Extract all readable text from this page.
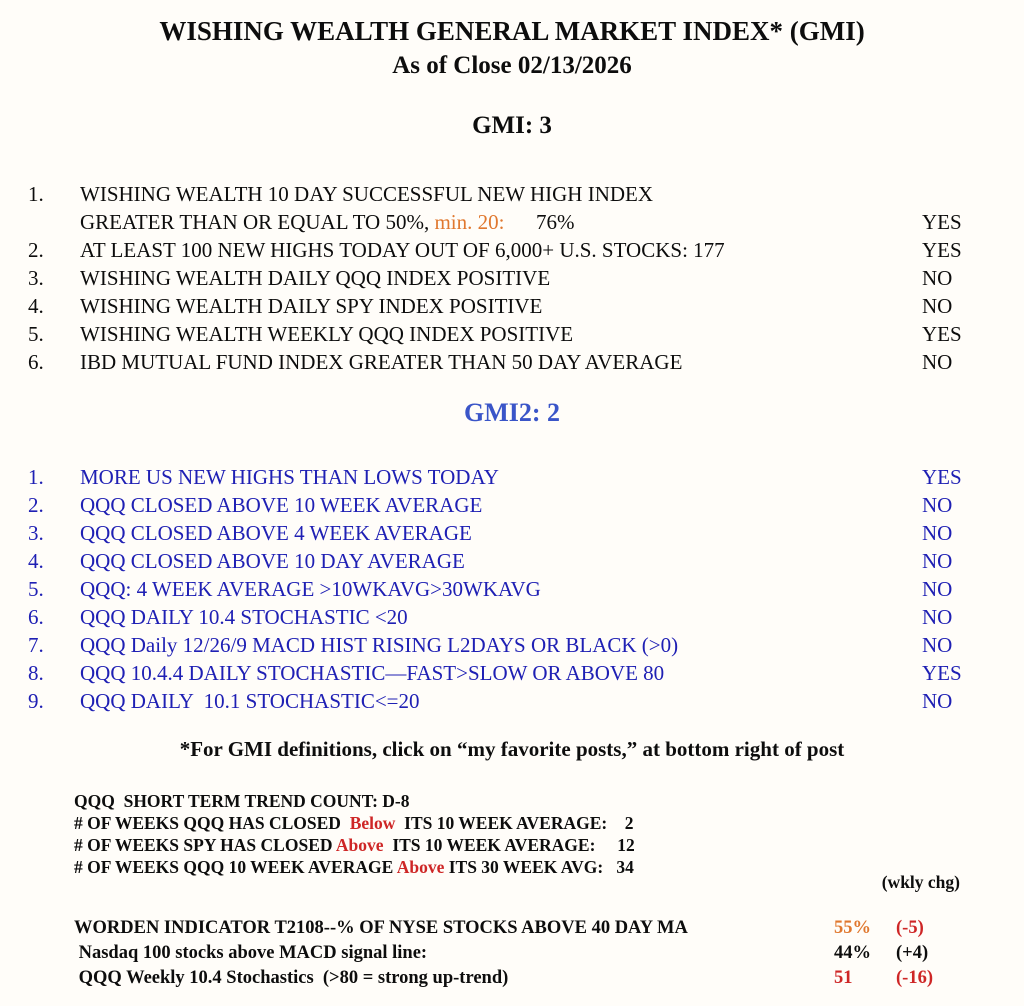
WISHING WEALTH GENERAL MARKET INDEX* (GMI)
As of Close 02/13/2026
GMI: 3
1.	WISHING WEALTH 10 DAY SUCCESSFUL NEW HIGH INDEX
GREATER THAN OR EQUAL TO 50%, min. 20:      76%	YES
2.	AT LEAST 100 NEW HIGHS TODAY OUT OF 6,000+ U.S. STOCKS: 177	YES
3.	WISHING WEALTH DAILY QQQ INDEX POSITIVE	NO
4.	WISHING WEALTH DAILY SPY INDEX POSITIVE	NO
5.	WISHING WEALTH WEEKLY QQQ INDEX POSITIVE	YES
6.	IBD MUTUAL FUND INDEX GREATER THAN 50 DAY AVERAGE	NO
GMI2: 2
1.	MORE US NEW HIGHS THAN LOWS TODAY	YES
2.	QQQ CLOSED ABOVE 10 WEEK AVERAGE	NO
3.	QQQ CLOSED ABOVE 4 WEEK AVERAGE	NO
4.	QQQ CLOSED ABOVE 10 DAY AVERAGE	NO
5.	QQQ: 4 WEEK AVERAGE >10WKAVG>30WKAVG	NO
6.	QQQ DAILY 10.4 STOCHASTIC <20	NO
7.	QQQ Daily 12/26/9 MACD HIST RISING L2DAYS OR BLACK (>0)	NO
8.	QQQ 10.4.4 DAILY STOCHASTIC—FAST>SLOW OR ABOVE 80	YES
9.	QQQ DAILY  10.1 STOCHASTIC<=20	NO
*For GMI definitions, click on “my favorite posts,” at bottom right of post
QQQ  SHORT TERM TREND COUNT: D-8
# OF WEEKS QQQ HAS CLOSED  Below  ITS 10 WEEK AVERAGE:    2
# OF WEEKS SPY HAS CLOSED Above  ITS 10 WEEK AVERAGE:     12
# OF WEEKS QQQ 10 WEEK AVERAGE Above ITS 30 WEEK AVG:   34
(wkly chg)
WORDEN INDICATOR T2108--% OF NYSE STOCKS ABOVE 40 DAY MA	55%	(-5)
Nasdaq 100 stocks above MACD signal line:	44%	(+4)
QQQ Weekly 10.4 Stochastics  (>80 = strong up-trend)	51	(-16)
